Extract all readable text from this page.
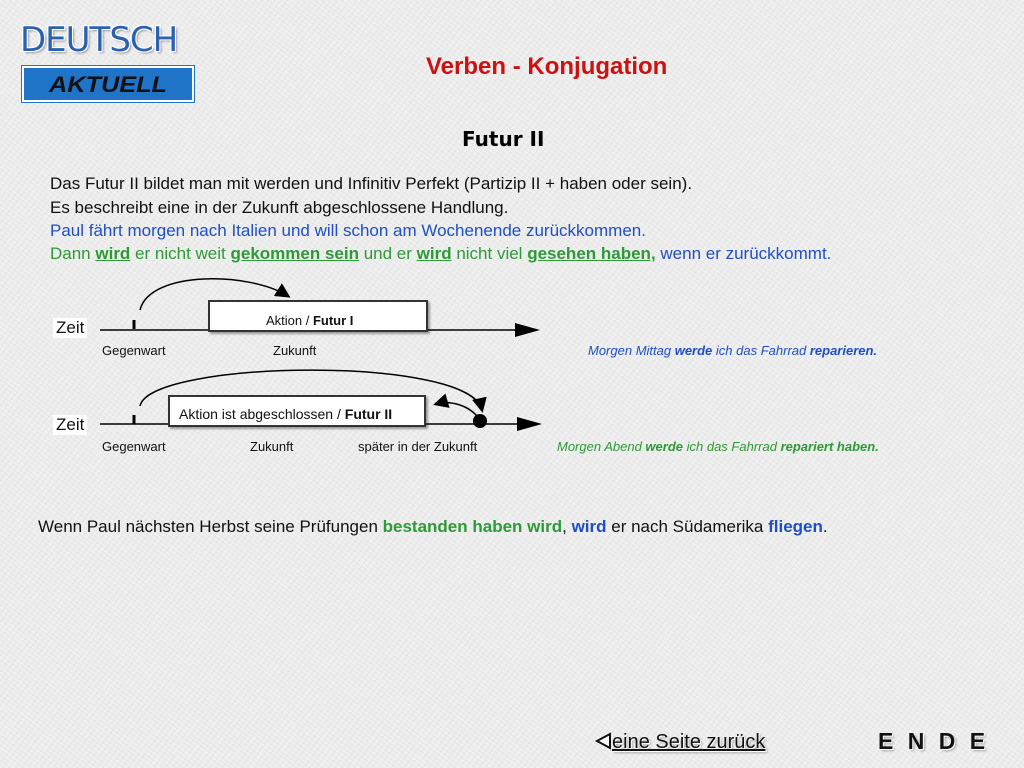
DEUTSCH
AKTUELL
Verben - Konjugation
Futur II
Das Futur II bildet man mit werden und Infinitiv Perfekt (Partizip II + haben oder sein).
Es beschreibt eine in der Zukunft abgeschlossene Handlung.
Paul fährt morgen nach Italien und will schon am Wochenende zurückkommen.
Dann wird er nicht weit gekommen sein und er wird nicht viel gesehen haben, wenn er zurückkommt.
Zeit	Aktion / Futur I
Gegenwart	Zukunft	Morgen Mittag werde ich das Fahrrad reparieren.
Zeit
Aktion ist abgeschlossen / Futur II
Gegenwart	Zukunft	später in der Zukunft	Morgen Abend werde ich das Fahrrad repariert haben.
Wenn Paul nächsten Herbst seine Prüfungen bestanden haben wird, wird er nach Südamerika fliegen.
eine Seite zurück	E N D E
